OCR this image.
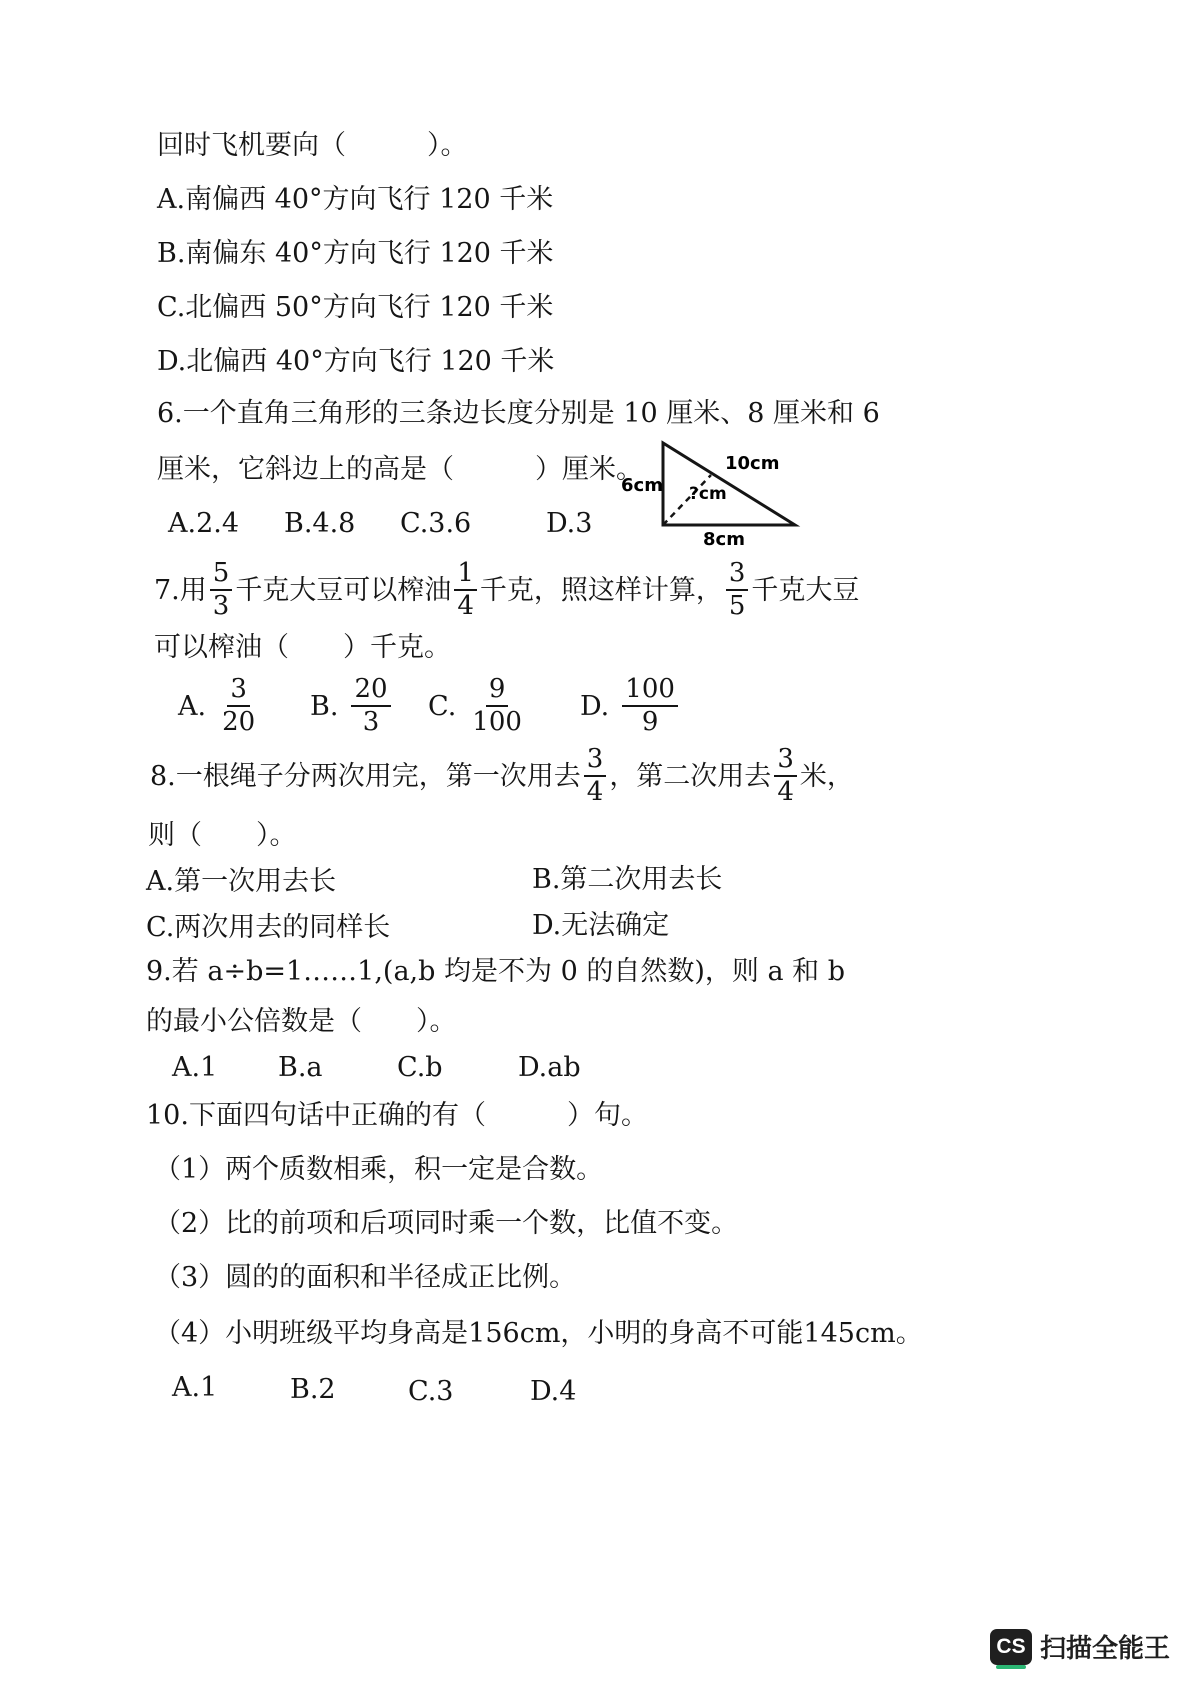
回时飞机要向（　　　）。
A.南偏西 40°方向飞行 120 千米
B.南偏东 40°方向飞行 120 千米
C.北偏西 50°方向飞行 120 千米
D.北偏西 40°方向飞行 120 千米
6.一个直角三角形的三条边长度分别是 10 厘米、8 厘米和 6
厘米，它斜边上的高是（　　　）厘米。
A.2.4 B.4.8 C.3.6	D.3
6cm
10cm
?cm
8cm
7.用 $\frac{5}{3}$ 千克大豆可以榨油 $\frac{1}{4}$ 千克，照这样计算， $\frac{3}{5}$ 千克大豆
可以榨油（　　）千克。
A. $\frac{3}{20} B$. $\frac{20}{3} C$. $\frac{9}{100} D$. $\frac{100}{9}$
8.一根绳子分两次用完，第一次用去 $\frac{3}{4}$ ，第二次用去 $\frac{3}{4}$ 米，
则（　　）。
A.第一次用去长	B.第二次用去长
C.两次用去的同样长	D.无法确定
9.若 a÷b=1……1,(a,b 均是不为 0 的自然数)，则 a 和 b
的最小公倍数是（　　）。
A.1 B.a	C.b	D.ab
10.下面四句话中正确的有（　　　）句。
（1）两个质数相乘，积一定是合数。
（2）比的前项和后项同时乘一个数，比值不变。
（3）圆的的面积和半径成正比例。
（4）小明班级平均身高是156cm，小明的身高不可能145cm。
A.1	B.2	C.3	D.4
CS 扫描全能王
